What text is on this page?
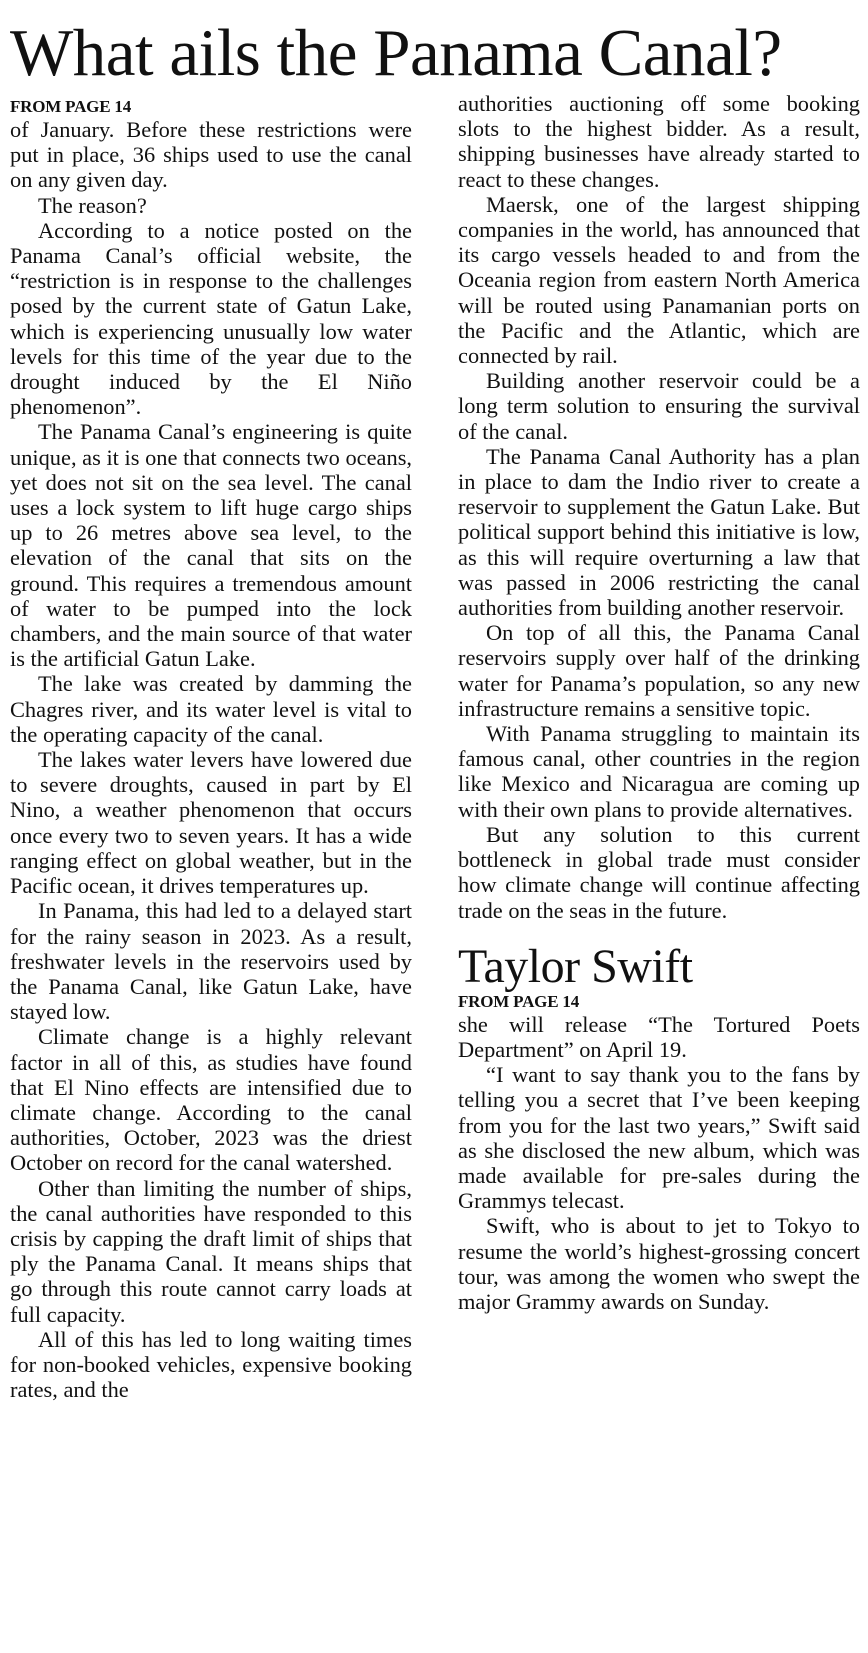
What ails the Panama Canal?
FROM PAGE 14

of January. Before these restrictions were put in place, 36 ships used to use the canal on any given day.

The reason?

According to a notice posted on the Panama Canal’s official website, the “restriction is in response to the challenges posed by the current state of Gatun Lake, which is experiencing unusually low water levels for this time of the year due to the drought induced by the El Niño phenomenon”.

The Panama Canal’s engineering is quite unique, as it is one that connects two oceans, yet does not sit on the sea level. The canal uses a lock system to lift huge cargo ships up to 26 metres above sea level, to the elevation of the canal that sits on the ground. This requires a tremendous amount of water to be pumped into the lock chambers, and the main source of that water is the artificial Gatun Lake.

The lake was created by damming the Chagres river, and its water level is vital to the operating capacity of the canal.

The lakes water levers have lowered due to severe droughts, caused in part by El Nino, a weather phenomenon that occurs once every two to seven years. It has a wide ranging effect on global weather, but in the Pacific ocean, it drives temperatures up.

In Panama, this had led to a delayed start for the rainy season in 2023. As a result, freshwater levels in the reservoirs used by the Panama Canal, like Gatun Lake, have stayed low.

Climate change is a highly relevant factor in all of this, as studies have found that El Nino effects are intensified due to climate change. According to the canal authorities, October, 2023 was the driest October on record for the canal watershed.

Other than limiting the number of ships, the canal authorities have responded to this crisis by capping the draft limit of ships that ply the Panama Canal. It means ships that go through this route cannot carry loads at full capacity.

All of this has led to long waiting times for non-booked vehicles, expensive booking rates, and the

authorities auctioning off some booking slots to the highest bidder. As a result, shipping businesses have already started to react to these changes.

Maersk, one of the largest shipping companies in the world, has announced that its cargo vessels headed to and from the Oceania region from eastern North America will be routed using Panamanian ports on the Pacific and the Atlantic, which are connected by rail.

Building another reservoir could be a long term solution to ensuring the survival of the canal.

The Panama Canal Authority has a plan in place to dam the Indio river to create a reservoir to supplement the Gatun Lake. But political support behind this initiative is low, as this will require overturning a law that was passed in 2006 restricting the canal authorities from building another reservoir.

On top of all this, the Panama Canal reservoirs supply over half of the drinking water for Panama’s population, so any new infrastructure remains a sensitive topic.

With Panama struggling to maintain its famous canal, other countries in the region like Mexico and Nicaragua are coming up with their own plans to provide alternatives.

But any solution to this current bottleneck in global trade must consider how climate change will continue affecting trade on the seas in the future.

Taylor Swift
FROM PAGE 14

she will release “The Tortured Poets Department” on April 19.

“I want to say thank you to the fans by telling you a secret that I’ve been keeping from you for the last two years,” Swift said as she disclosed the new album, which was made available for pre-sales during the Grammys telecast.

Swift, who is about to jet to Tokyo to resume the world’s highest-grossing concert tour, was among the women who swept the major Grammy awards on Sunday.
